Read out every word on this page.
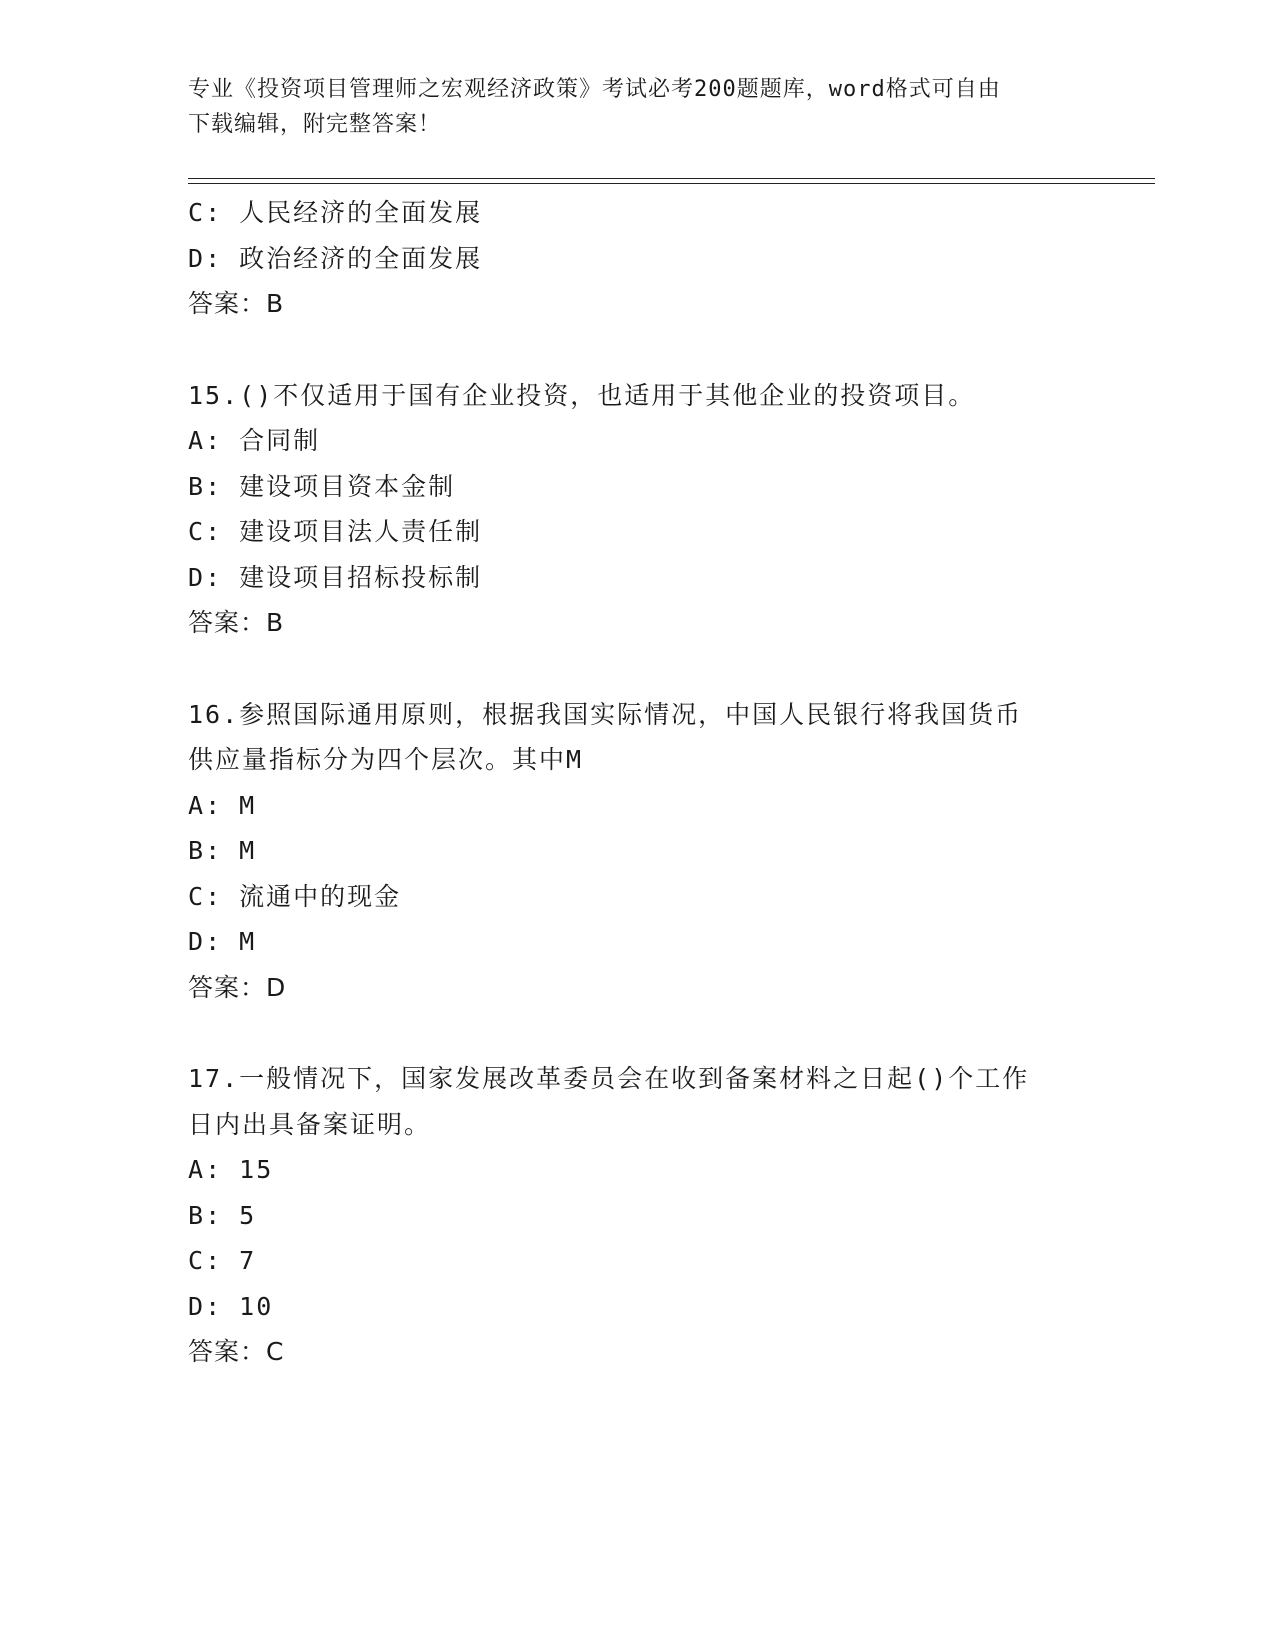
专业《投资项目管理师之宏观经济政策》考试必考200题题库，word格式可自由
下载编辑，附完整答案！
C: 人民经济的全面发展
D: 政治经济的全面发展
答案：B
15.()不仅适用于国有企业投资，也适用于其他企业的投资项目。
A: 合同制
B: 建设项目资本金制
C: 建设项目法人责任制
D: 建设项目招标投标制
答案：B
16.参照国际通用原则，根据我国实际情况，中国人民银行将我国货币
供应量指标分为四个层次。其中M
A: M
B: M
C: 流通中的现金
D: M
答案：D
17.一般情况下，国家发展改革委员会在收到备案材料之日起()个工作
日内出具备案证明。
A: 15
B: 5
C: 7
D: 10
答案：C
